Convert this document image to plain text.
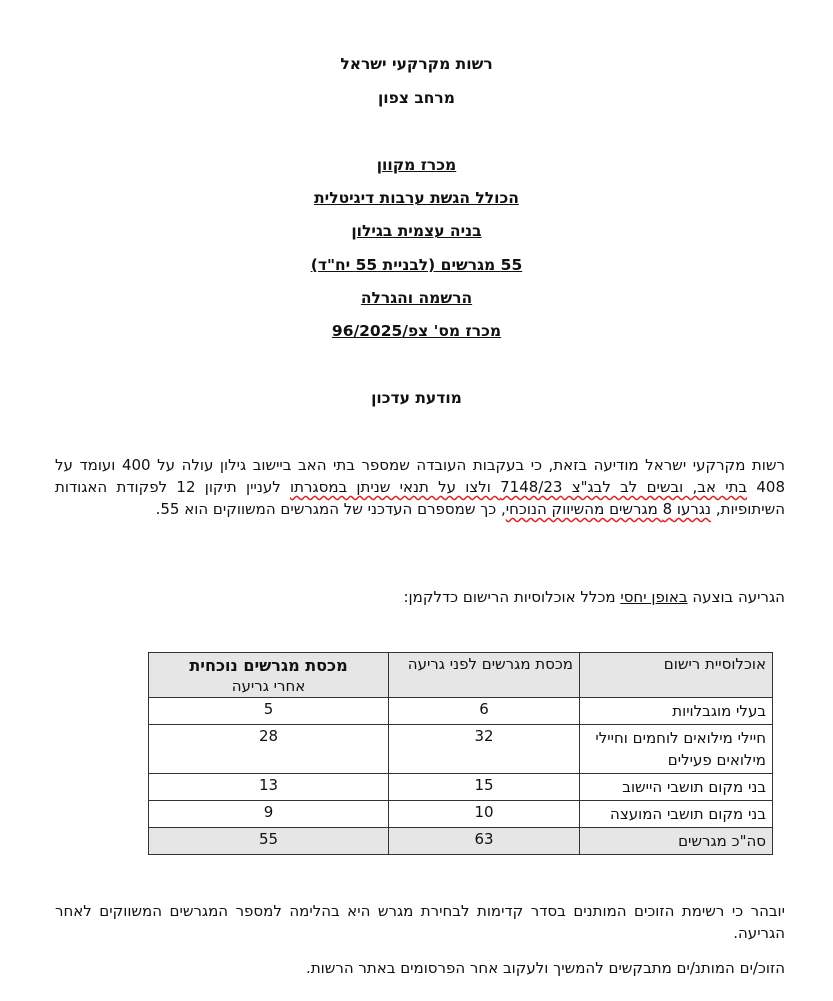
רשות מקרקעי ישראל
מרחב צפון
מכרז מקוון
הכולל הגשת ערבות דיגיטלית
בניה עצמית בגילון
55 מגרשים (לבניית 55 יח"ד)
הרשמה והגרלה
מכרז מס' צפ/96/2025
מודעת עדכון
רשות מקרקעי ישראל מודיעה בזאת, כי בעקבות העובדה שמספר בתי האב ביישוב גילון עולה על 400 ועומד על 408 בתי אב, ובשים לב לבג"צ 7148/23 ולצו על תנאי שניתן במסגרתו לעניין תיקון 12 לפקודת האגודות השיתופיות, נגרעו 8 מגרשים מהשיווק הנוכחי, כך שמספרם העדכני של המגרשים המשווקים הוא 55.
הגריעה בוצעה באופן יחסי מכלל אוכלוסיות הרישום כדלקמן:
אוכלוסיית רישום	מכסת מגרשים לפני גריעה	מכסת מגרשים נוכחית
אחרי גריעה

בעלי מוגבלויות	6	5
חיילי מילואים לוחמים וחיילי מילואים פעילים	32	28
בני מקום תושבי היישוב	15	13
בני מקום תושבי המועצה	10	9
סה"כ מגרשים	63	55
יובהר כי רשימת הזוכים המותנים בסדר קדימות לבחירת מגרש היא בהלימה למספר המגרשים המשווקים לאחר הגריעה.
הזוכ/ים המותנ/ים מתבקשים להמשיך ולעקוב אחר הפרסומים באתר הרשות.
